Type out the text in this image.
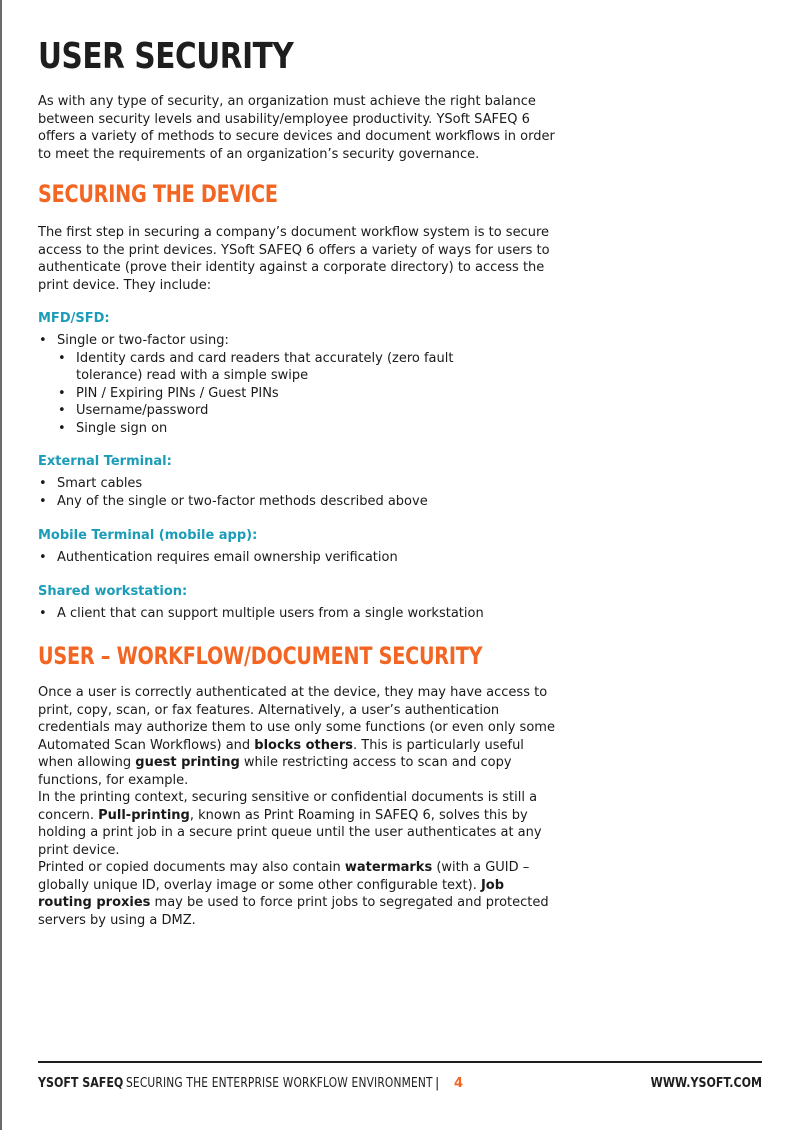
USER SECURITY

As with any type of security, an organization must achieve the right balance between security levels and usability/employee productivity. YSoft SAFEQ 6 offers a variety of methods to secure devices and document workflows in order to meet the requirements of an organization’s security governance.

SECURING THE DEVICE

The first step in securing a company’s document workflow system is to secure access to the print devices. YSoft SAFEQ 6 offers a variety of ways for users to authenticate (prove their identity against a corporate directory) to access the print device. They include:

MFD/SFD:
• Single or two-factor using:
• Identity cards and card readers that accurately (zero fault tolerance) read with a simple swipe
• PIN / Expiring PINs / Guest PINs
• Username/password
• Single sign on
External Terminal:
• Smart cables
• Any of the single or two-factor methods described above
Mobile Terminal (mobile app):
• Authentication requires email ownership verification
Shared workstation:
• A client that can support multiple users from a single workstation
USER – WORKFLOW/DOCUMENT SECURITY

Once a user is correctly authenticated at the device, they may have access to print, copy, scan, or fax features. Alternatively, a user’s authentication credentials may authorize them to use only some functions (or even only some Automated Scan Workflows) and blocks others. This is particularly useful when allowing guest printing while restricting access to scan and copy functions, for example.

In the printing context, securing sensitive or confidential documents is still a concern. Pull-printing, known as Print Roaming in SAFEQ 6, solves this by holding a print job in a secure print queue until the user authenticates at any print device.

Printed or copied documents may also contain watermarks (with a GUID – globally unique ID, overlay image or some other configurable text). Job routing proxies may be used to force print jobs to segregated and protected servers by using a DMZ.

YSOFT SAFEQ SECURING THE ENTERPRISE WORKFLOW ENVIRONMENT | 4	WWW.YSOFT.COM
